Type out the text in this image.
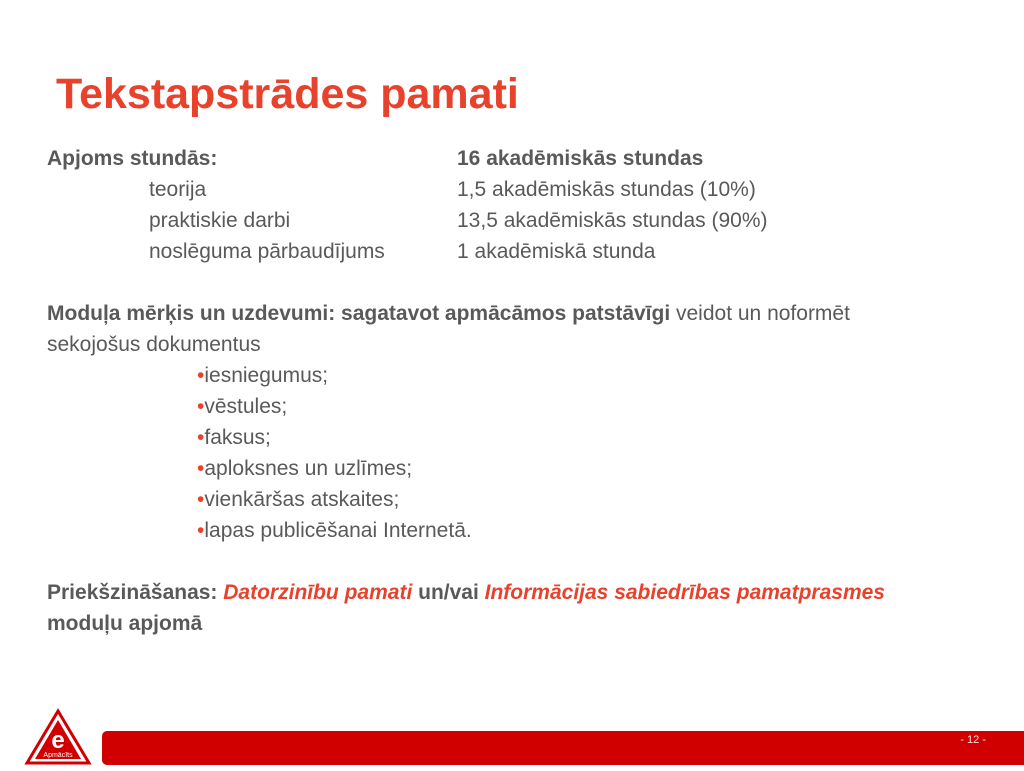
Tekstapstrādes pamati
Apjoms stundās:	16 akadēmiskās stundas
teorija	1,5 akadēmiskās stundas (10%)
praktiskie darbi	13,5 akadēmiskās stundas (90%)
noslēguma pārbaudījums	1 akadēmiskā stunda
Moduļa mērķis un uzdevumi: sagatavot apmācāmos patstāvīgi veidot un noformēt sekojošus dokumentus
•iesniegumus;
•vēstules;
•faksus;
•aploksnes un uzlīmes;
•vienkāršas atskaites;
•lapas publicēšanai Internetā.
Priekšzināšanas: Datorzinību pamati un/vai Informācijas sabiedrības pamatprasmes moduļu apjomā
e
Apmācīts
- 12 -
